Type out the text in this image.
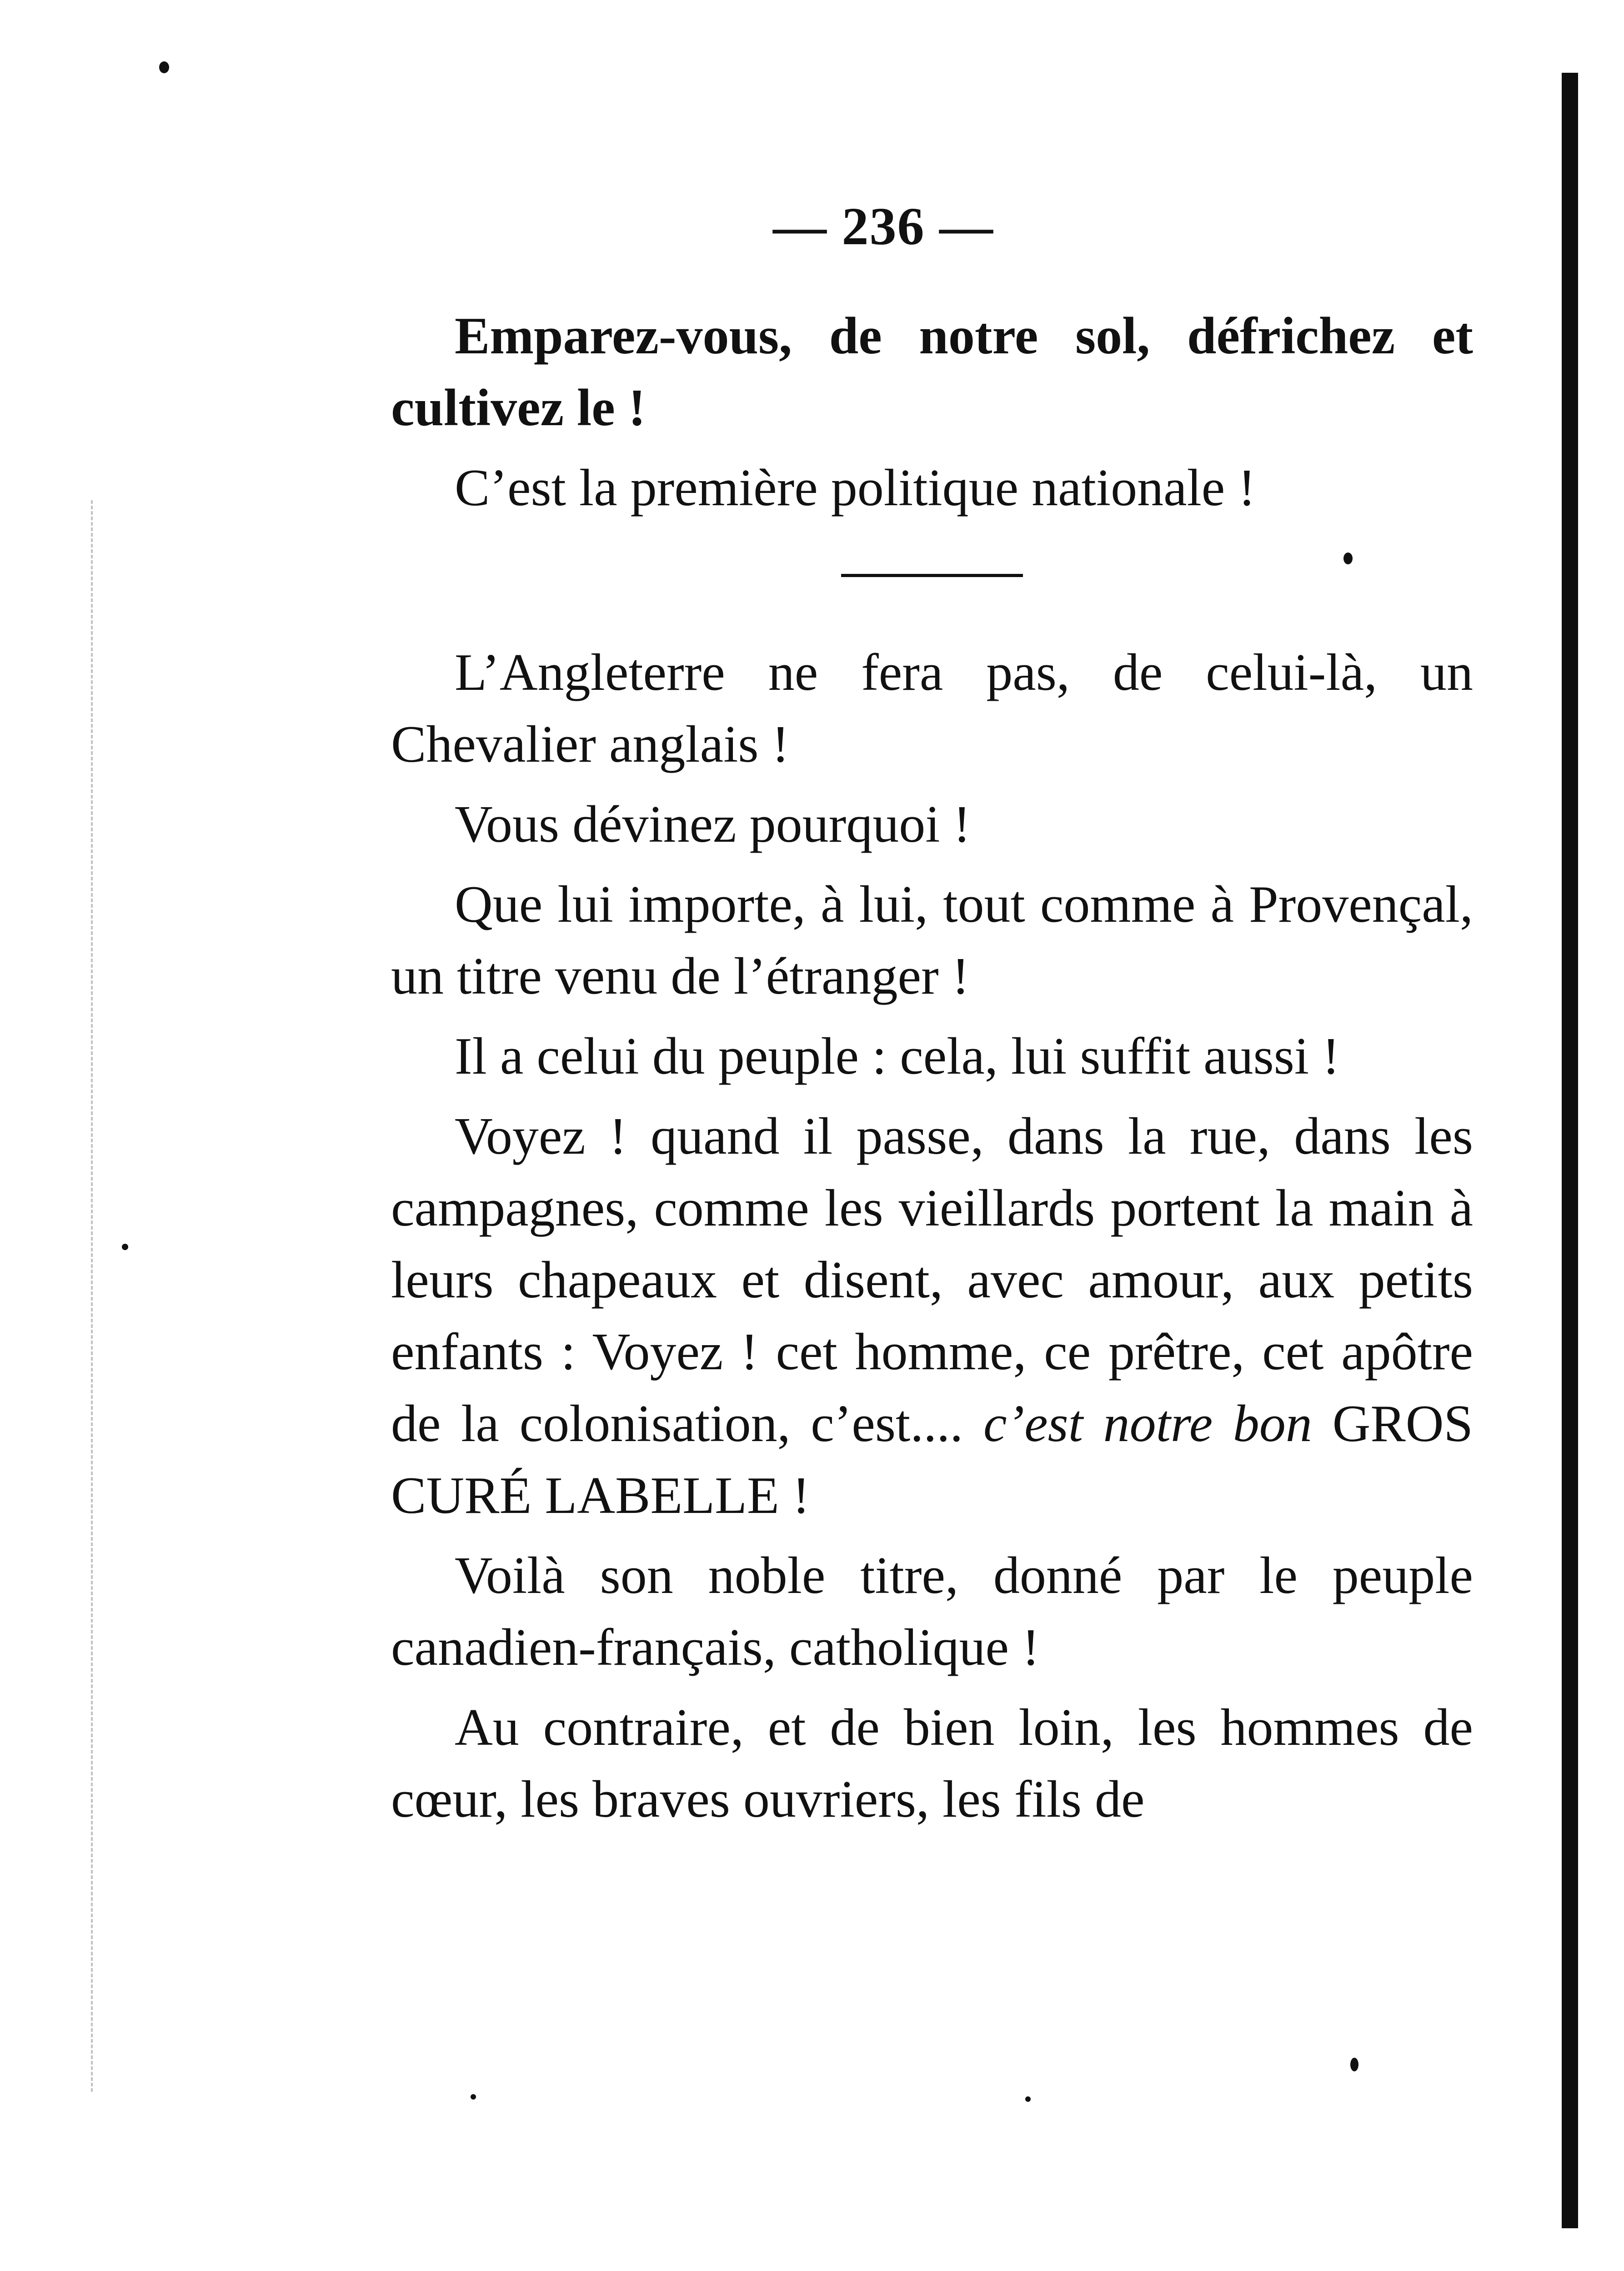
— 236 —

Emparez-vous, de notre sol, défrichez et cultivez le !

C’est la première politique nationale !

L’Angleterre ne fera pas, de celui-là, un Chevalier anglais !

Vous dévinez pourquoi !

Que lui importe, à lui, tout comme à Provençal, un titre venu de l’étranger !

Il a celui du peuple : cela, lui suffit aussi !

Voyez ! quand il passe, dans la rue, dans les campagnes, comme les vieillards portent la main à leurs chapeaux et disent, avec amour, aux petits enfants : Voyez ! cet homme, ce prêtre, cet apôtre de la colonisation, c’est.... c’est notre bon GROS CURÉ LABELLE !

Voilà son noble titre, donné par le peuple canadien-français, catholique !

Au contraire, et de bien loin, les hommes de cœur, les braves ouvriers, les fils de
